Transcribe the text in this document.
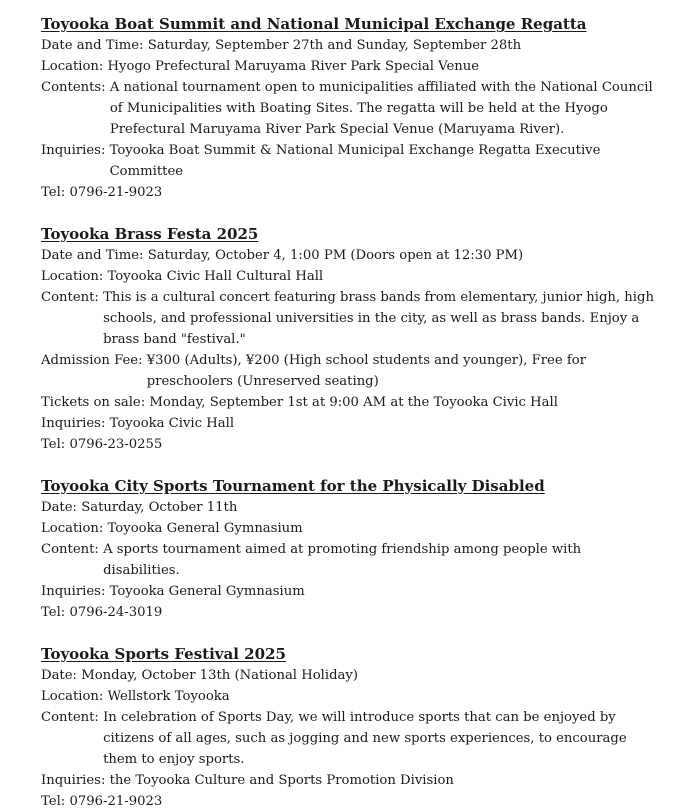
Toyooka Boat Summit and National Municipal Exchange Regatta
Date and Time: Saturday, September 27th and Sunday, September 28th
Location: Hyogo Prefectural Maruyama River Park Special Venue
Contents: A national tournament open to municipalities affiliated with the National Council of Municipalities with Boating Sites. The regatta will be held at the Hyogo Prefectural Maruyama River Park Special Venue (Maruyama River).
Inquiries: Toyooka Boat Summit & National Municipal Exchange Regatta Executive Committee
Tel: 0796-21-9023
Toyooka Brass Festa 2025
Date and Time: Saturday, October 4, 1:00 PM (Doors open at 12:30 PM)
Location: Toyooka Civic Hall Cultural Hall
Content: This is a cultural concert featuring brass bands from elementary, junior high, high schools, and professional universities in the city, as well as brass bands. Enjoy a brass band "festival."
Admission Fee: ¥300 (Adults), ¥200 (High school students and younger), Free for preschoolers (Unreserved seating)
Tickets on sale: Monday, September 1st at 9:00 AM at the Toyooka Civic Hall
Inquiries: Toyooka Civic Hall
Tel: 0796-23-0255
Toyooka City Sports Tournament for the Physically Disabled
Date: Saturday, October 11th
Location: Toyooka General Gymnasium
Content: A sports tournament aimed at promoting friendship among people with disabilities.
Inquiries: Toyooka General Gymnasium
Tel: 0796-24-3019
Toyooka Sports Festival 2025
Date: Monday, October 13th (National Holiday)
Location: Wellstork Toyooka
Content: In celebration of Sports Day, we will introduce sports that can be enjoyed by citizens of all ages, such as jogging and new sports experiences, to encourage them to enjoy sports.
Inquiries: the Toyooka Culture and Sports Promotion Division
Tel: 0796-21-9023
